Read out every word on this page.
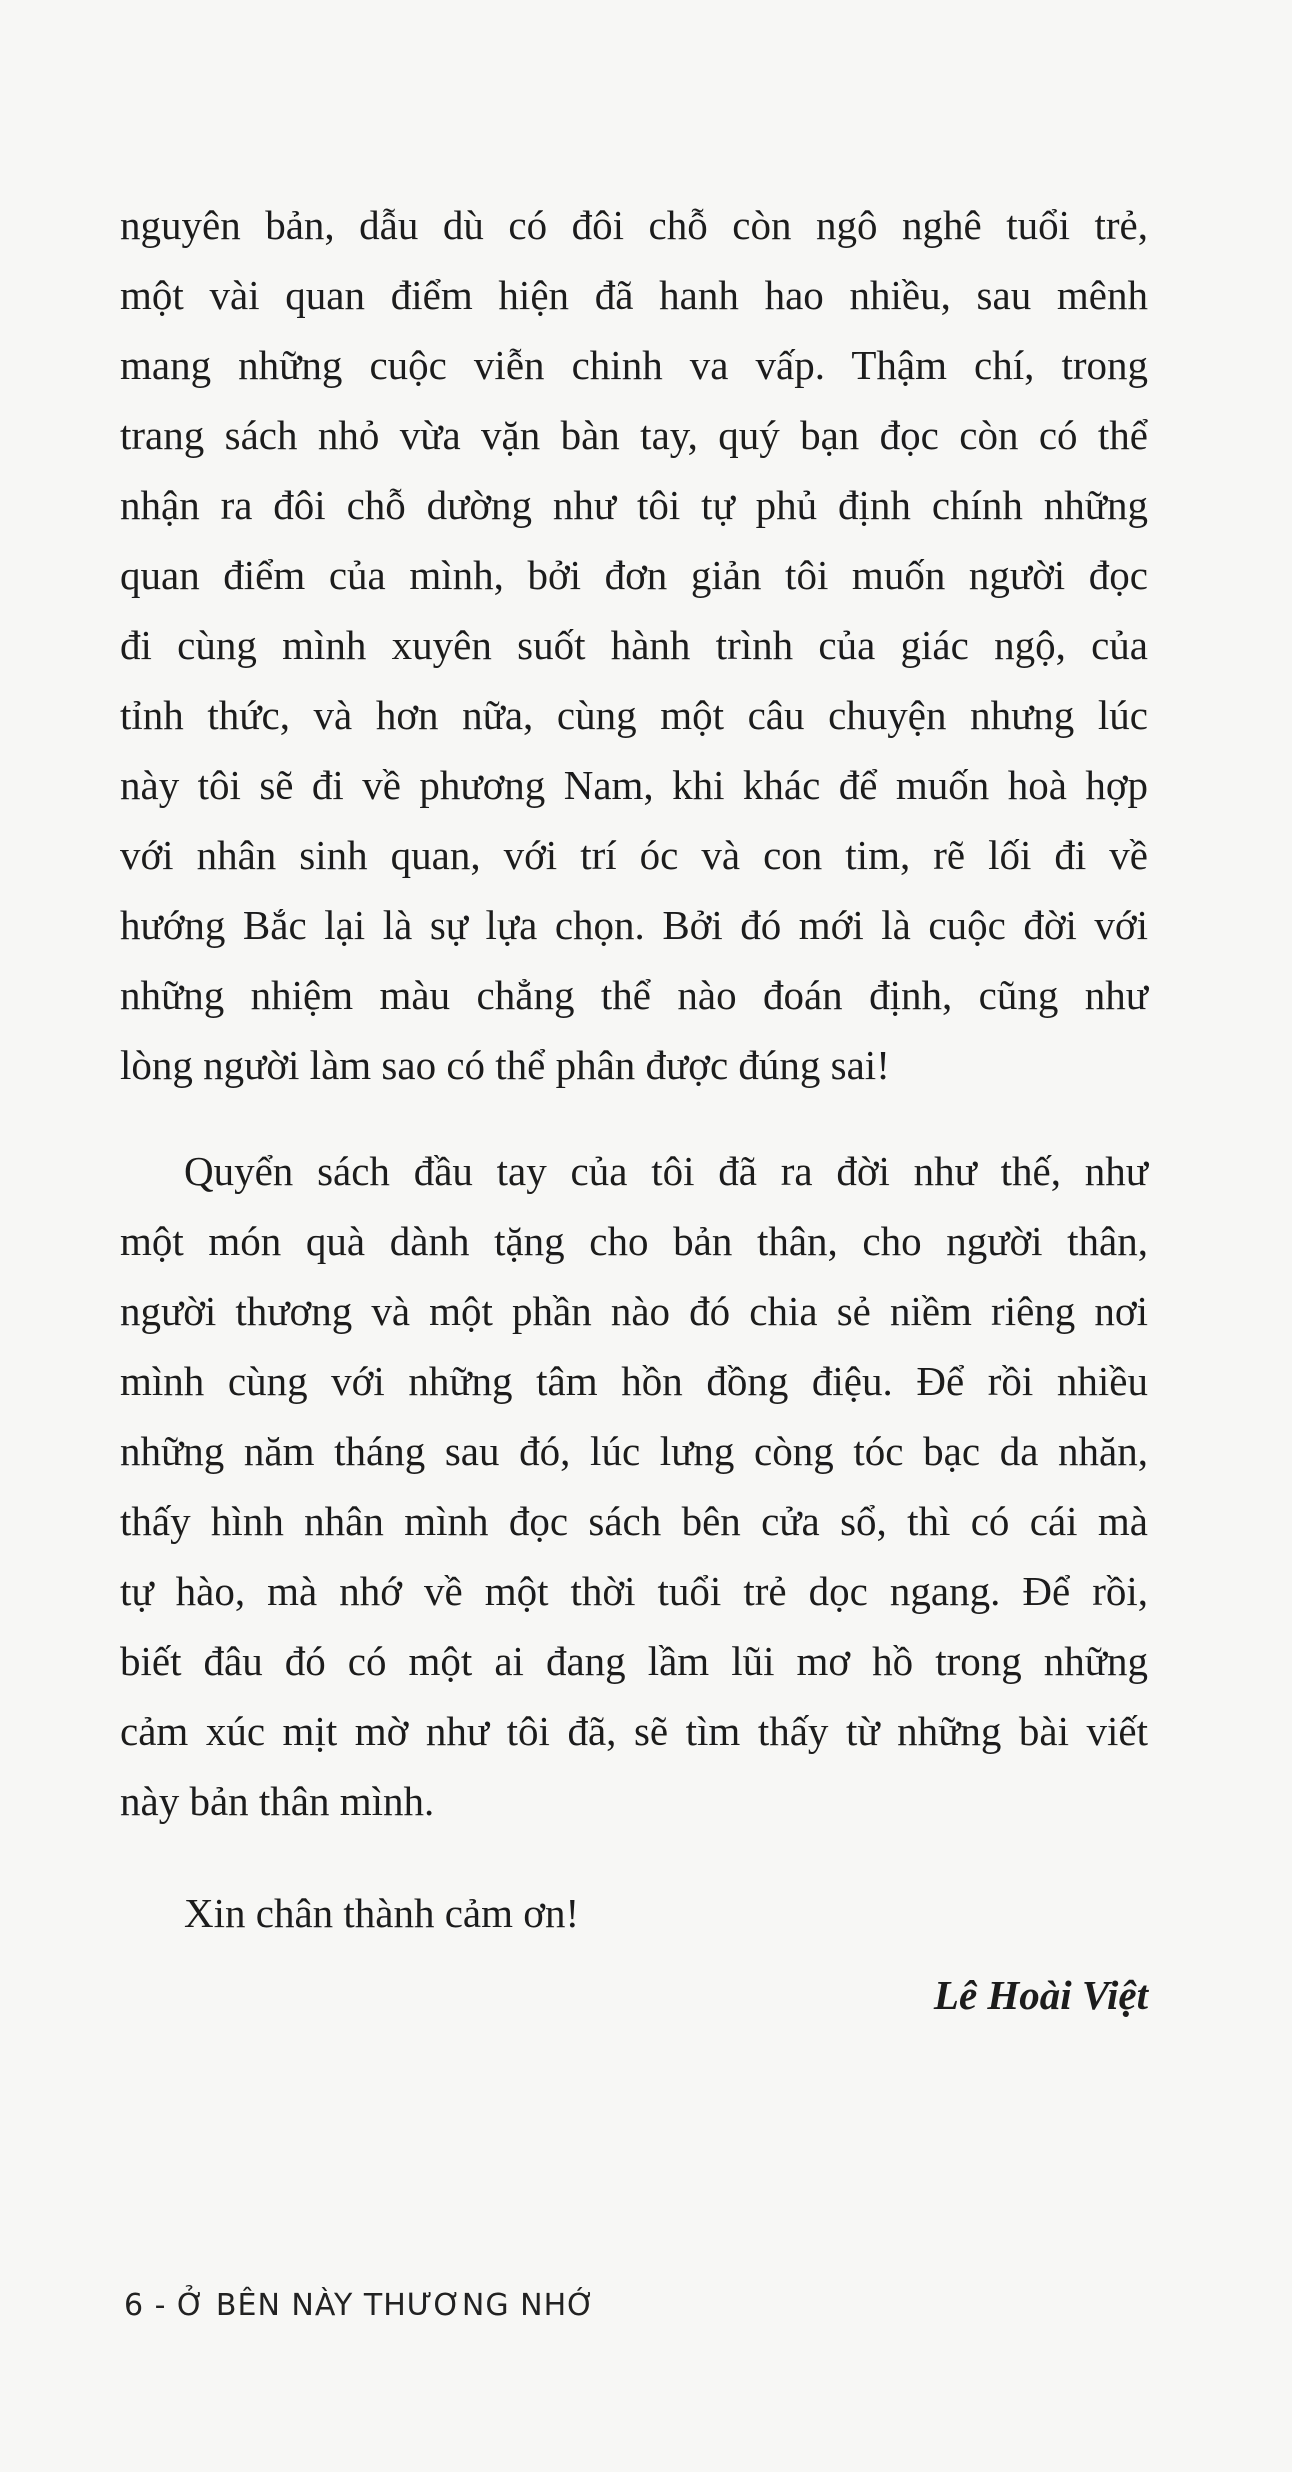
nguyên bản, dẫu dù có đôi chỗ còn ngô nghê tuổi trẻ,
một vài quan điểm hiện đã hanh hao nhiều, sau mênh
mang những cuộc viễn chinh va vấp. Thậm chí, trong
trang sách nhỏ vừa vặn bàn tay, quý bạn đọc còn có thể
nhận ra đôi chỗ dường như tôi tự phủ định chính những
quan điểm của mình, bởi đơn giản tôi muốn người đọc
đi cùng mình xuyên suốt hành trình của giác ngộ, của
tỉnh thức, và hơn nữa, cùng một câu chuyện nhưng lúc
này tôi sẽ đi về phương Nam, khi khác để muốn hoà hợp
với nhân sinh quan, với trí óc và con tim, rẽ lối đi về
hướng Bắc lại là sự lựa chọn. Bởi đó mới là cuộc đời với
những nhiệm màu chẳng thể nào đoán định, cũng như
lòng người làm sao có thể phân được đúng sai!
Quyển sách đầu tay của tôi đã ra đời như thế, như
một món quà dành tặng cho bản thân, cho người thân,
người thương và một phần nào đó chia sẻ niềm riêng nơi
mình cùng với những tâm hồn đồng điệu. Để rồi nhiều
những năm tháng sau đó, lúc lưng còng tóc bạc da nhăn,
thấy hình nhân mình đọc sách bên cửa sổ, thì có cái mà
tự hào, mà nhớ về một thời tuổi trẻ dọc ngang. Để rồi,
biết đâu đó có một ai đang lầm lũi mơ hồ trong những
cảm xúc mịt mờ như tôi đã, sẽ tìm thấy từ những bài viết
này bản thân mình.
Xin chân thành cảm ơn!
Lê Hoài Việt
6 - Ở BÊN NÀY THƯƠNG NHỚ
